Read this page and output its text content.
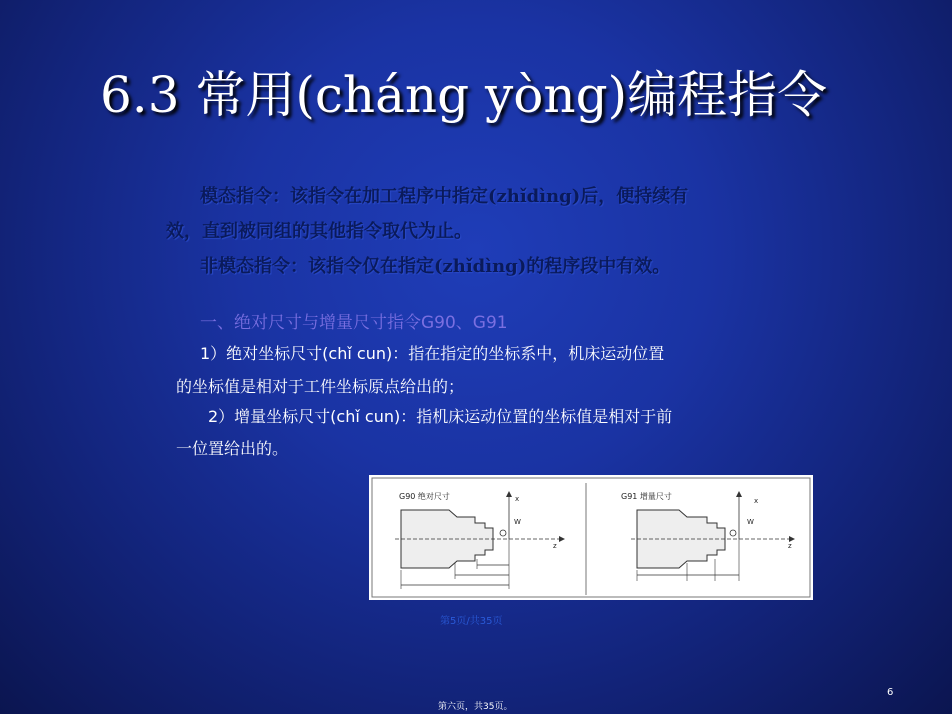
6.3 常用(cháng yòng)编程指令
模态指令：该指令在加工程序中指定(zhǐdìng)后，便持续有
效，直到被同组的其他指令取代为止。
非模态指令：该指令仅在指定(zhǐdìng)的程序段中有效。
一、绝对尺寸与增量尺寸指令G90、G91
1）绝对坐标尺寸(chǐ cun)：指在指定的坐标系中，机床运动位置
的坐标值是相对于工件坐标原点给出的；
2）增量坐标尺寸(chǐ cun)：指机床运动位置的坐标值是相对于前
一位置给出的。
G90 绝对尺寸
z
x
W
G91 增量尺寸
z
x
W
第5页/共35页
6
第六页，共35页。
